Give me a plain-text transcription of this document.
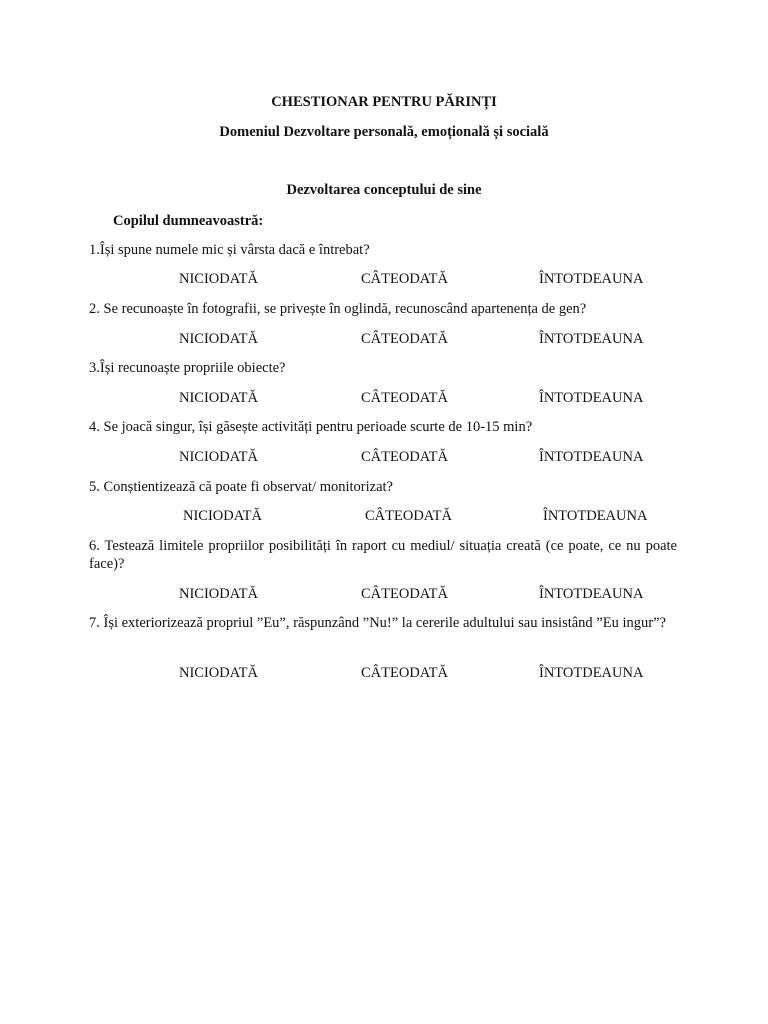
CHESTIONAR PENTRU PĂRINȚI
Domeniul Dezvoltare personală, emoțională și socială
Dezvoltarea conceptului de sine
Copilul dumneavoastră:
1.Își spune numele mic și vârsta dacă e întrebat?
NICIODATĂ	CÂTEODATĂ	ÎNTOTDEAUNA
2. Se recunoaște în fotografii, se privește în oglindă, recunoscând apartenența de gen?
NICIODATĂ	CÂTEODATĂ	ÎNTOTDEAUNA
3.Își recunoaște propriile obiecte?
NICIODATĂ	CÂTEODATĂ	ÎNTOTDEAUNA
4. Se joacă singur, își găsește activități pentru perioade scurte de 10-15 min?
NICIODATĂ	CÂTEODATĂ	ÎNTOTDEAUNA
5. Conștientizează că poate fi observat/ monitorizat?
NICIODATĂ	CÂTEODATĂ	ÎNTOTDEAUNA
6. Testează limitele propriilor posibilități în raport cu mediul/ situația creată (ce poate, ce nu poate face)?
NICIODATĂ	CÂTEODATĂ	ÎNTOTDEAUNA
7. Își exteriorizează propriul ”Eu”, răspunzând ”Nu!” la cererile adultului sau insistând ”Eu ingur”?
NICIODATĂ	CÂTEODATĂ	ÎNTOTDEAUNA
